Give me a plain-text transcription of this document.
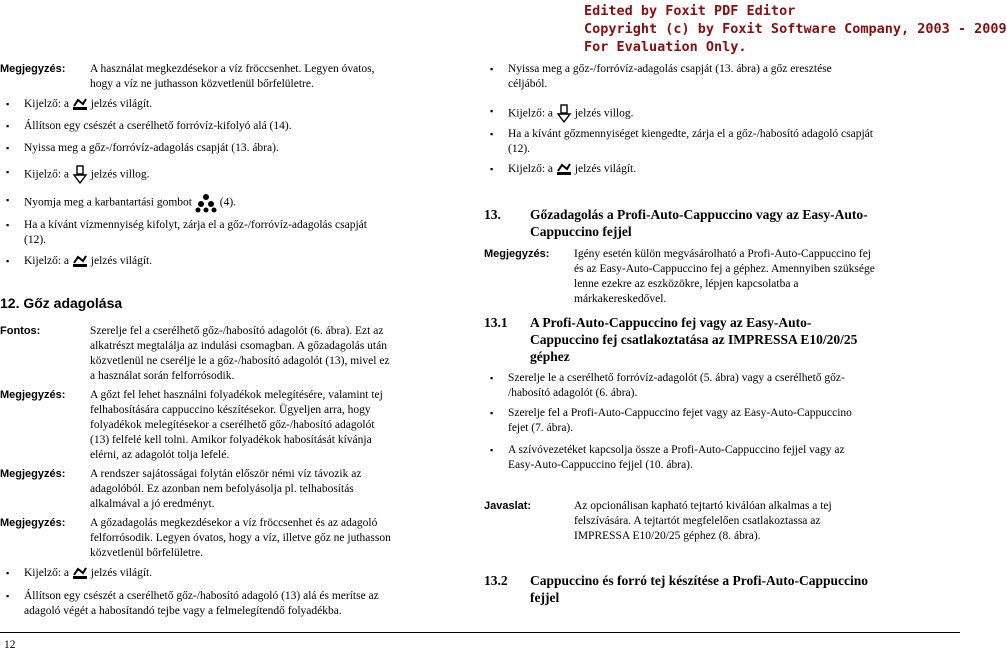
Edited by Foxit PDF Editor
Copyright (c) by Foxit Software Company, 2003 - 2009
For Evaluation Only.
Megjegyzés: A használat megkezdésekor a víz fröccsenhet. Legyen óvatos,
hogy a víz ne juthasson közvetlenül bőrfelületre.
▪ Kijelző: a jelzés világít.
▪ Állítson egy csészét a cserélhető forróvíz-kifolyó alá (14).
▪ Nyissa meg a gőz-/forróvíz-adagolás csapját (13. ábra).
▪ Kijelző: a jelzés villog.
▪ Nyomja meg a karbantartási gombot (4).
▪ Ha a kívánt vízmennyiség kifolyt, zárja el a gőz-/forróvíz-adagolás csapját
(12).
▪ Kijelző: a jelzés világít.
12. Gőz adagolása
Fontos:	Szerelje fel a cserélhető gőz-/habosító adagolót (6. ábra). Ezt az
alkatrészt megtalálja az indulási csomagban. A gőzadagolás után
közvetlenül ne cserélje le a gőz-/habosító adagolót (13), mivel ez
a használat során felforrósodik.
Megjegyzés: A gőzt fel lehet használni folyadékok melegítésére, valamint tej
felhabosítására cappuccino készítésekor. Ügyeljen arra, hogy
folyadékok melegítésekor a cserélhető gőz-/habosító adagolót
(13) felfelé kell tolni. Amikor folyadékok habosítását kívánja
elérni, az adagolót tolja lefelé.
Megjegyzés: A rendszer sajátosságai folytán először némi víz távozik az
adagolóból. Ez azonban nem befolyásolja pl. telhabosítás
alkalmával a jó eredményt.
Megjegyzés: A gőzadagolás megkezdésekor a víz fröccsenhet és az adagoló
felforrósodik. Legyen óvatos, hogy a víz, illetve gőz ne juthasson
közvetlenül bőrfelületre.
▪ Kijelző: a jelzés világít.
▪ Állítson egy csészét a cserélhető gőz-/habosító adagoló (13) alá és merítse az
adagoló végét a habosítandó tejbe vagy a felmelegítendő folyadékba.
▪ Nyissa meg a gőz-/forróvíz-adagolás csapját (13. ábra) a gőz eresztése
céljából.
▪ Kijelző: a jelzés villog.
▪ Ha a kívánt gőzmennyiséget kiengedte, zárja el a gőz-/habosító adagoló csapját
(12).
▪ Kijelző: a jelzés világít.
13. Gőzadagolás a Profi-Auto-Cappuccino vagy az Easy-Auto-
Cappuccino fejjel
Megjegyzés: Igény esetén külön megvásárolható a Profi-Auto-Cappuccino fej
és az Easy-Auto-Cappuccino fej a géphez. Amennyiben szüksége
lenne ezekre az eszközökre, lépjen kapcsolatba a
márkakereskedővel.
13.1 A Profi-Auto-Cappuccino fej vagy az Easy-Auto-
Cappuccino fej csatlakoztatása az IMPRESSA E10/20/25
géphez
▪ Szerelje le a cserélhető forróvíz-adagolót (5. ábra) vagy a cserélhető gőz-
/habosító adagolót (6. ábra).
▪ Szerelje fel a Profi-Auto-Cappuccino fejet vagy az Easy-Auto-Cappuccino
fejet (7. ábra).
▪ A szívóvezetéket kapcsolja össze a Profi-Auto-Cappuccino fejjel vagy az
Easy-Auto-Cappuccino fejjel (10. ábra).
Javaslat:	Az opcionálisan kapható tejtartó kiválóan alkalmas a tej
felszívására. A tejtartót megfelelően csatlakoztassa az
IMPRESSA E10/20/25 géphez (8. ábra).
13.2 Cappuccino és forró tej készítése a Profi-Auto-Cappuccino
fejjel
12
